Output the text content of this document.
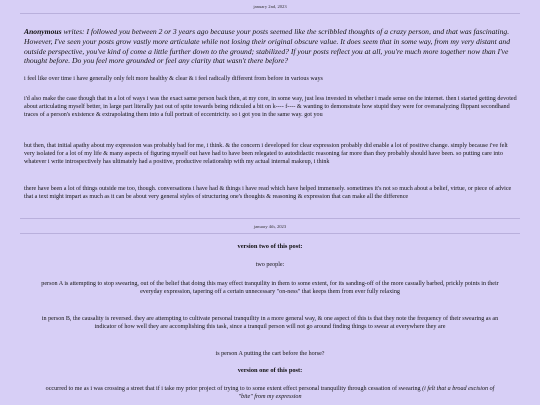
january 2nd, 2023

Anonymous writes: I followed you between 2 or 3 years ago because your posts seemed like the scribbled thoughts of a crazy person, and that was fascinating. However, I've seen your posts grow vastly more articulate while not losing their original obscure value. It does seem that in some way, from my very distant and outside perspective, you've kind of come a little further down to the ground; stabilized? If your posts reflect you at all, you're much more together now than I've thought before. Do you feel more grounded or feel any clarity that wasn't there before?
i feel like over time i have generally only felt more healthy & clear & i feel radically different from before in various ways
i'd also make the case though that in a lot of ways i was the exact same person back then, at my core, in some way, just less invested in whether i made sense on the internet. then i started getting devoted about articulating myself better, in large part literally just out of spite towards being ridiculed a bit on k---- f---- & wanting to demonstrate how stupid they were for overanalyzing flippant secondhand traces of a person's existence & extrapolating them into a full portrait of eccentricity. so i got you in the same way. got you
but then, that initial apathy about my expression was probably bad for me, i think. & the concern i developed for clear expression probably did enable a lot of positive change. simply because i've felt very isolated for a lot of my life & many aspects of figuring myself out have had to have been relegated to autodidactic reasoning far more than they probably should have been. so putting care into whatever i write introspectively has ultimately had a positive, productive relationship with my actual internal makeup, i think
there have been a lot of things outside me too, though. conversations i have had & things i have read which have helped immensely. sometimes it's not so much about a belief, virtue, or piece of advice that a text might impart as much as it can be about very general styles of structuring one's thoughts & reasoning & expression that can make all the difference

january 4th, 2023

version two of this post:
two people:
person A is attempting to stop swearing, out of the belief that doing this may effect tranquility in them to some extent, for its sanding-off of the more casually barbed, prickly points in their everyday expression, tapering off a certain unnecessary "on-ness" that keeps them from ever fully relaxing
in person B, the causality is reversed. they are attempting to cultivate personal tranquility in a more general way, & one aspect of this is that they note the frequency of their swearing as an indicator of how well they are accomplishing this task, since a tranquil person will not go around finding things to swear at everywhere they are
is person A putting the cart before the horse?
version one of this post:
occurred to me as i was crossing a street that if i take my prior project of trying to to some extent effect personal tranquility through cessation of swearing (i felt that a broad excision of "bite" from my expression
